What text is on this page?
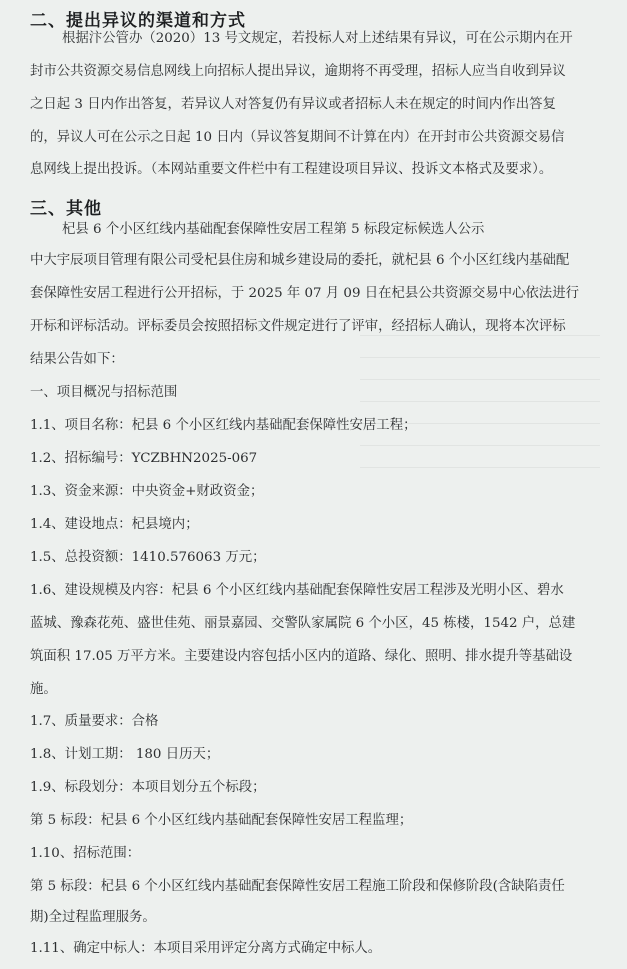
二、提出异议的渠道和方式
根据汴公管办（2020）13 号文规定，若投标人对上述结果有异议，可在公示期内在开
封市公共资源交易信息网线上向招标人提出异议，逾期将不再受理，招标人应当自收到异议
之日起 3 日内作出答复，若异议人对答复仍有异议或者招标人未在规定的时间内作出答复
的，异议人可在公示之日起 10 日内（异议答复期间不计算在内）在开封市公共资源交易信
息网线上提出投诉。（本网站重要文件栏中有工程建设项目异议、投诉文本格式及要求）。
三、其他
杞县 6 个小区红线内基础配套保障性安居工程第 5 标段定标候选人公示
中大宇辰项目管理有限公司受杞县住房和城乡建设局的委托，就杞县 6 个小区红线内基础配
套保障性安居工程进行公开招标，于 2025 年 07 月 09 日在杞县公共资源交易中心依法进行
开标和评标活动。评标委员会按照招标文件规定进行了评审，经招标人确认，现将本次评标
结果公告如下：
一、项目概况与招标范围
1.1、项目名称：杞县 6 个小区红线内基础配套保障性安居工程；
1.2、招标编号：YCZBHN2025-067
1.3、资金来源：中央资金+财政资金；
1.4、建设地点：杞县境内；
1.5、总投资额：1410.576063 万元；
1.6、建设规模及内容：杞县 6 个小区红线内基础配套保障性安居工程涉及光明小区、碧水
蓝城、豫森花苑、盛世佳苑、丽景嘉园、交警队家属院 6 个小区，45 栋楼，1542 户，总建
筑面积 17.05 万平方米。主要建设内容包括小区内的道路、绿化、照明、排水提升等基础设
施。
1.7、质量要求：合格
1.8、计划工期： 180 日历天；
1.9、标段划分：本项目划分五个标段；
第 5 标段：杞县 6 个小区红线内基础配套保障性安居工程监理；
1.10、招标范围：
第 5 标段：杞县 6 个小区红线内基础配套保障性安居工程施工阶段和保修阶段(含缺陷责任
期)全过程监理服务。
1.11、确定中标人：本项目采用评定分离方式确定中标人。
